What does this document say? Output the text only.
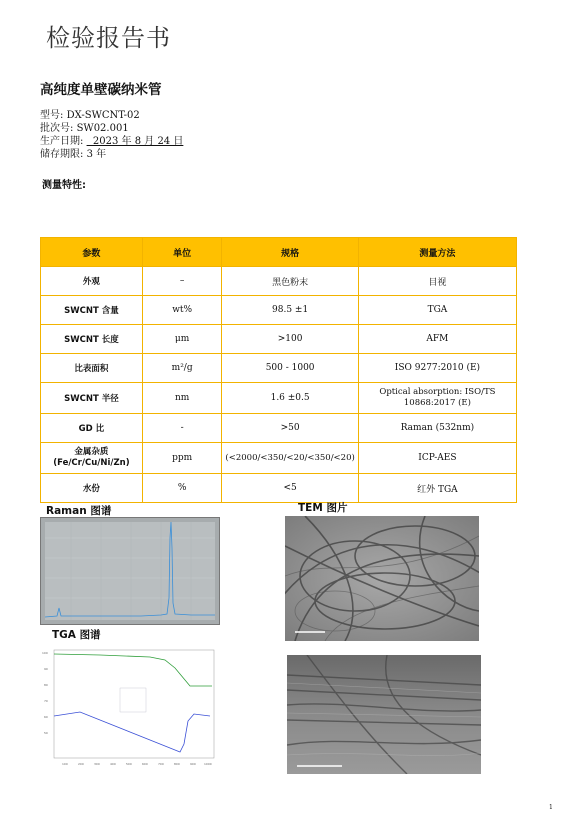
检验报告书
高纯度单壁碳纳米管
型号: DX-SWCNT-02
批次号: SW02.001
生产日期:   2023 年 8 月 24 日
储存期限: 3 年
测量特性:
参数	单位	规格	测量方法
外观	–	黑色粉末	目视
SWCNT 含量	wt%	98.5 ±1	TGA
SWCNT 长度	μm	>100	AFM
比表面积	m²/g	500 - 1000	ISO 9277:2010 (E)
SWCNT 半径	nm	1.6 ±0.5	Optical absorption: ISO/TS 10868:2017 (E)
GD 比	-	>50	Raman (532nm)
金属杂质 (Fe/Cr/Cu/Ni/Zn)	ppm	(<2000/<350/<20/<350/<20)	ICP-AES
水份	%	<5	红外 TGA
Raman 图谱	TEM 图片
TGA 图谱
100
90
80
70
60
50
100	200	300	400	500	600	700	800	900	1000
1
